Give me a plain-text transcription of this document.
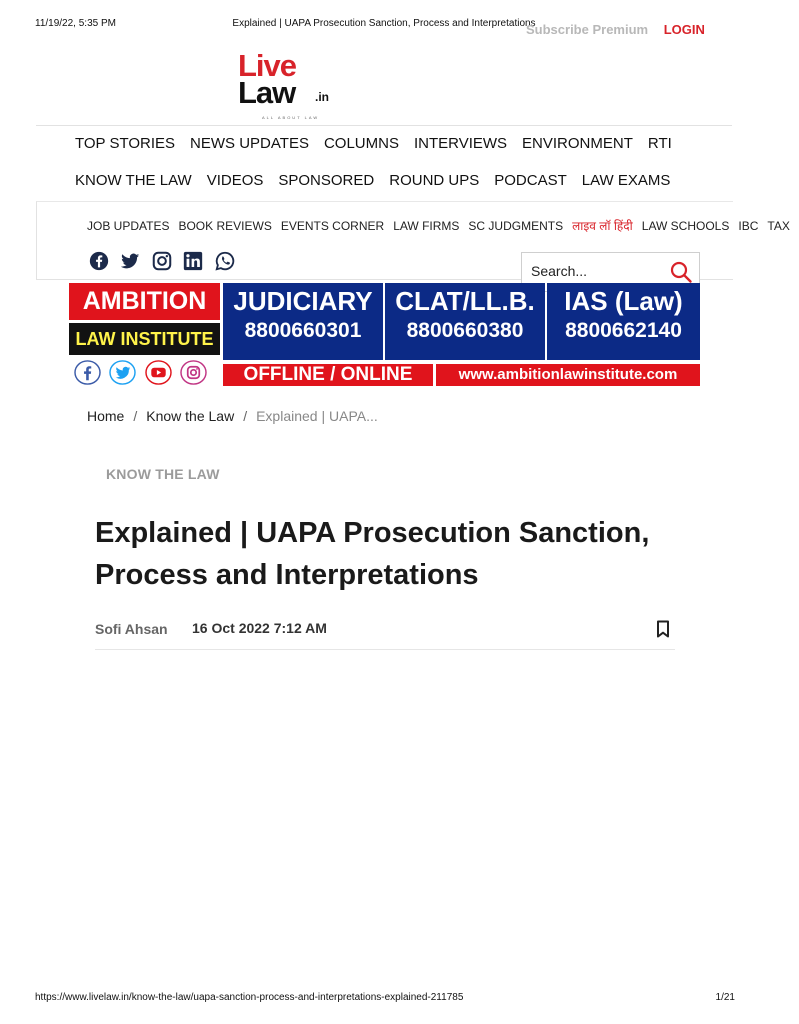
11/19/22, 5:35 PM	Explained | UAPA Prosecution Sanction, Process and Interpretations
Subscribe Premium LOGIN
Live
Law .in
ALL ABOUT LAW
TOP STORIES NEWS UPDATES COLUMNS INTERVIEWS ENVIRONMENT RTI
KNOW THE LAW VIDEOS SPONSORED ROUND UPS PODCAST LAW EXAMS
JOB UPDATES BOOK REVIEWS EVENTS CORNER LAW FIRMS SC JUDGMENTS लाइव लॉ हिंदी LAW SCHOOLS IBC TAX

Search...
AMBITION
LAW INSTITUTE

JUDICIARY
8800660301
CLAT/LL.B.
8800660380
IAS (Law)
8800662140
OFFLINE / ONLINE	www.ambitionlawinstitute.com
Home / Know the Law / Explained | UAPA...
KNOW THE LAW
Explained | UAPA Prosecution Sanction, Process and Interpretations
Sofi Ahsan 16 Oct 2022 7:12 AM
https://www.livelaw.in/know-the-law/uapa-sanction-process-and-interpretations-explained-211785	1/21
